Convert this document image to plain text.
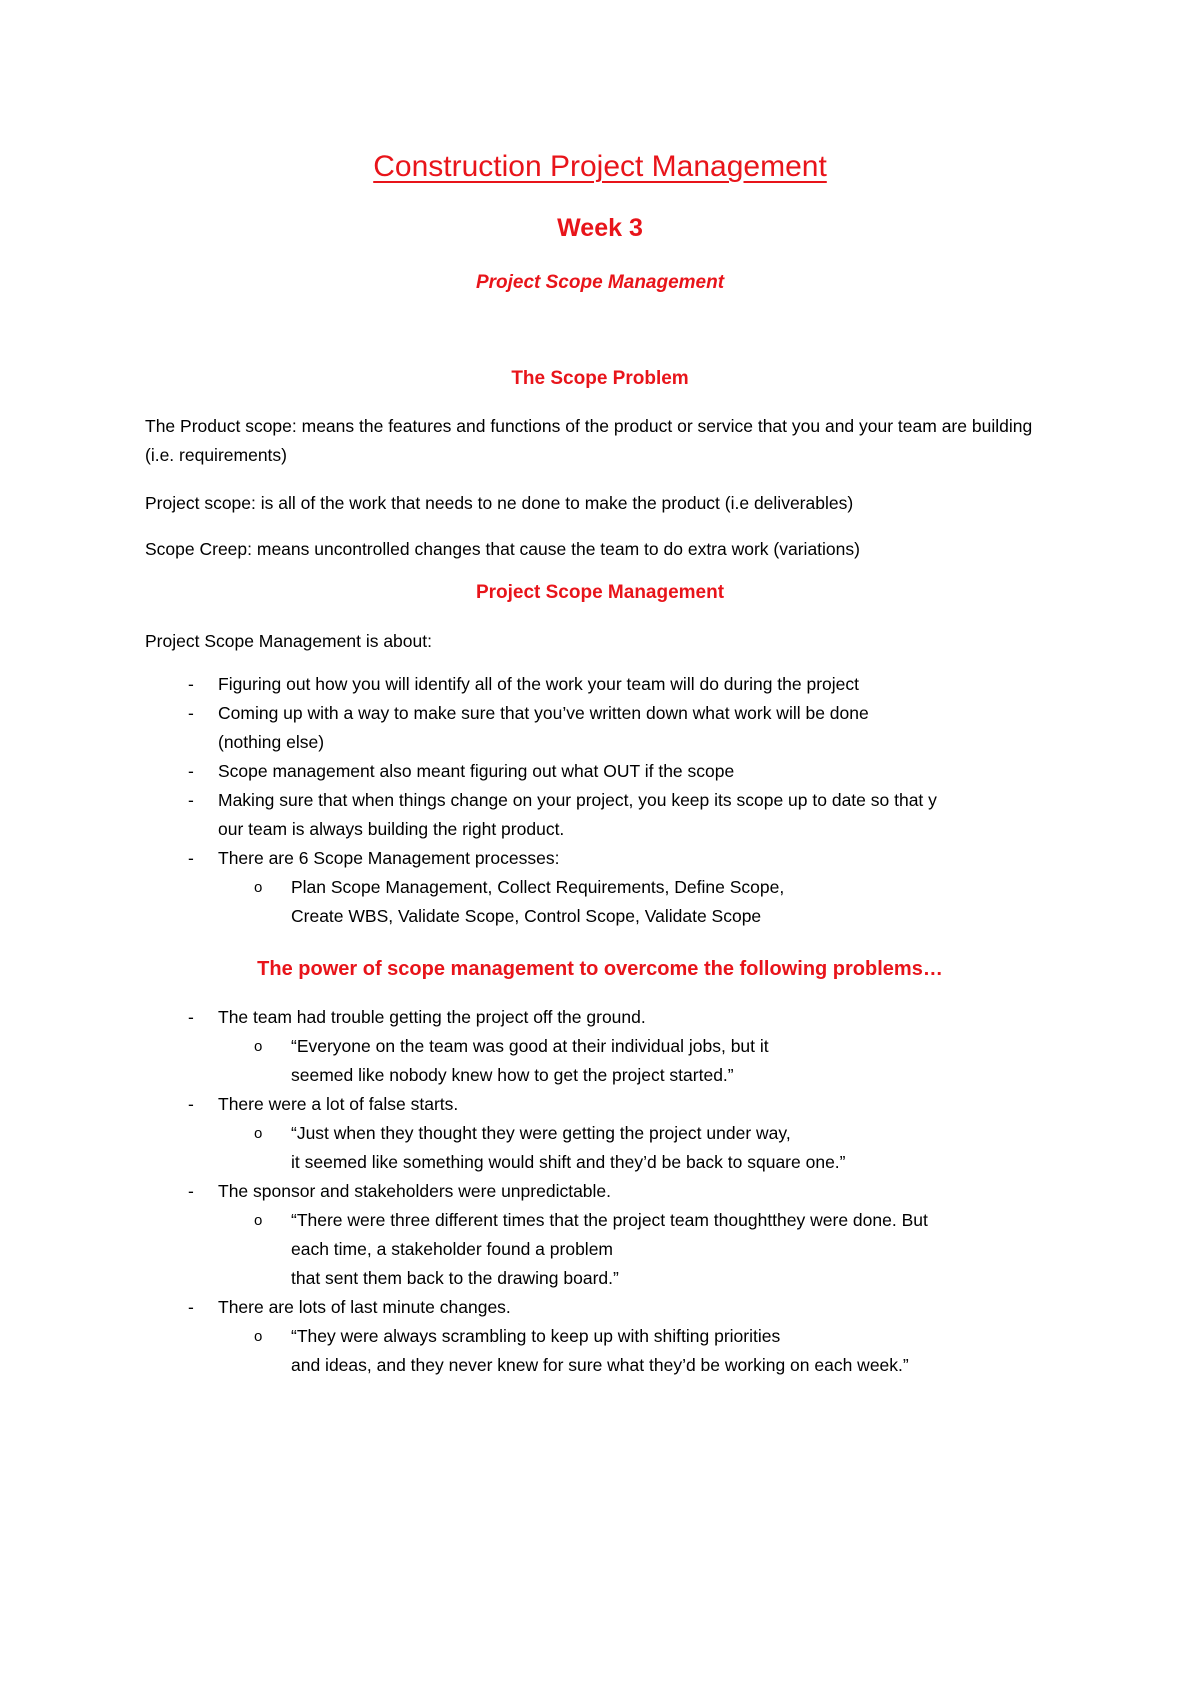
Construction Project Management
Week 3
Project Scope Management
The Scope Problem
The Product scope: means the features and functions of the product or service that you and your team are building (i.e. requirements)
Project scope: is all of the work that needs to ne done to make the product (i.e deliverables)
Scope Creep: means uncontrolled changes that cause the team to do extra work (variations)
Project Scope Management
Project Scope Management is about:
- Figuring out how you will identify all of the work your team will do during the project
- Coming up with a way to make sure that you’ve written down what work will be done
(nothing else)
- Scope management also meant figuring out what OUT if the scope
- Making sure that when things change on your project, you keep its scope up to date so that y
our team is always building the right product.
- There are 6 Scope Management processes:
o Plan Scope Management, Collect Requirements, Define Scope,
Create WBS, Validate Scope, Control Scope, Validate Scope
The power of scope management to overcome the following problems…
- The team had trouble getting the project off the ground.
o “Everyone on the team was good at their individual jobs, but it
seemed like nobody knew how to get the project started.”
- There were a lot of false starts.
o “Just when they thought they were getting the project under way,
it seemed like something would shift and they’d be back to square one.”
- The sponsor and stakeholders were unpredictable.
o “There were three different times that the project team thoughtthey were done. But
each time, a stakeholder found a problem
that sent them back to the drawing board.”
- There are lots of last minute changes.
o “They were always scrambling to keep up with shifting priorities
and ideas, and they never knew for sure what they’d be working on each week.”
